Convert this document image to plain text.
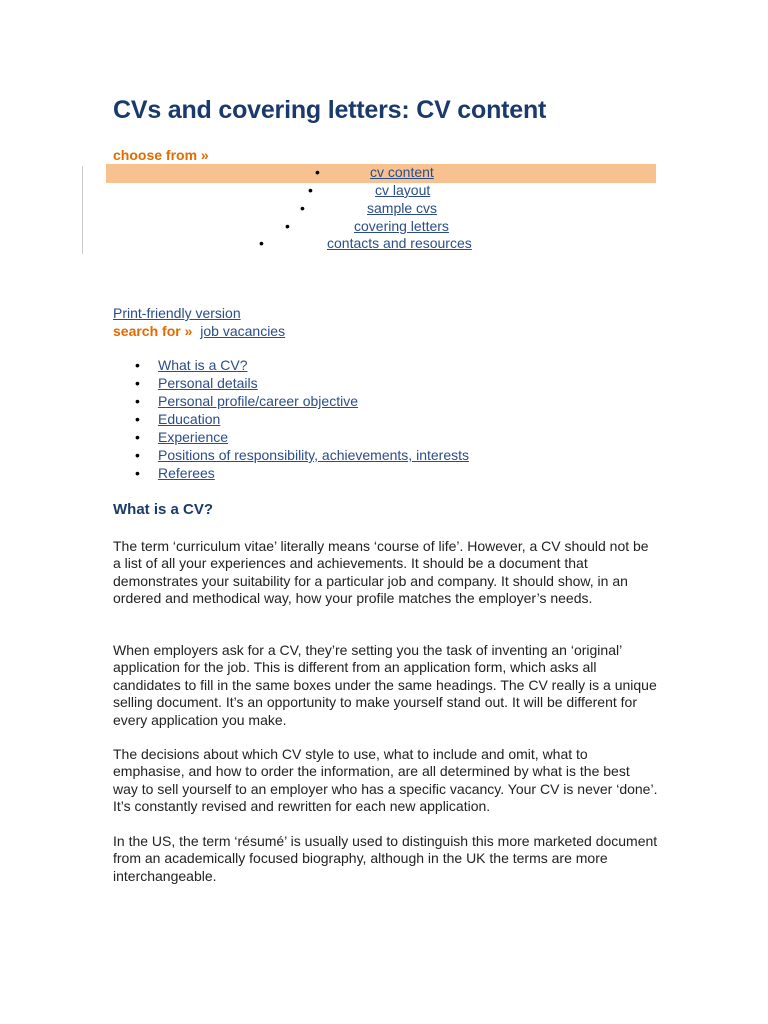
CVs and covering letters: CV content
choose from »
•	cv content
•	cv layout
•	sample cvs
•	covering letters
•	contacts and resources
Print-friendly version
search for » job vacancies
• What is a CV?
• Personal details
• Personal profile/career objective
• Education
• Experience
• Positions of responsibility, achievements, interests
• Referees
What is a CV?

The term ‘curriculum vitae’ literally means ‘course of life’. However, a CV should not be a list of all your experiences and achievements. It should be a document that demonstrates your suitability for a particular job and company. It should show, in an ordered and methodical way, how your profile matches the employer’s needs.

When employers ask for a CV, they’re setting you the task of inventing an ‘original’ application for the job. This is different from an application form, which asks all candidates to fill in the same boxes under the same headings. The CV really is a unique selling document. It’s an opportunity to make yourself stand out. It will be different for every application you make.

The decisions about which CV style to use, what to include and omit, what to emphasise, and how to order the information, are all determined by what is the best way to sell yourself to an employer who has a specific vacancy. Your CV is never ‘done’. It’s constantly revised and rewritten for each new application.

In the US, the term ‘résumé’ is usually used to distinguish this more marketed document from an academically focused biography, although in the UK the terms are more interchangeable.
